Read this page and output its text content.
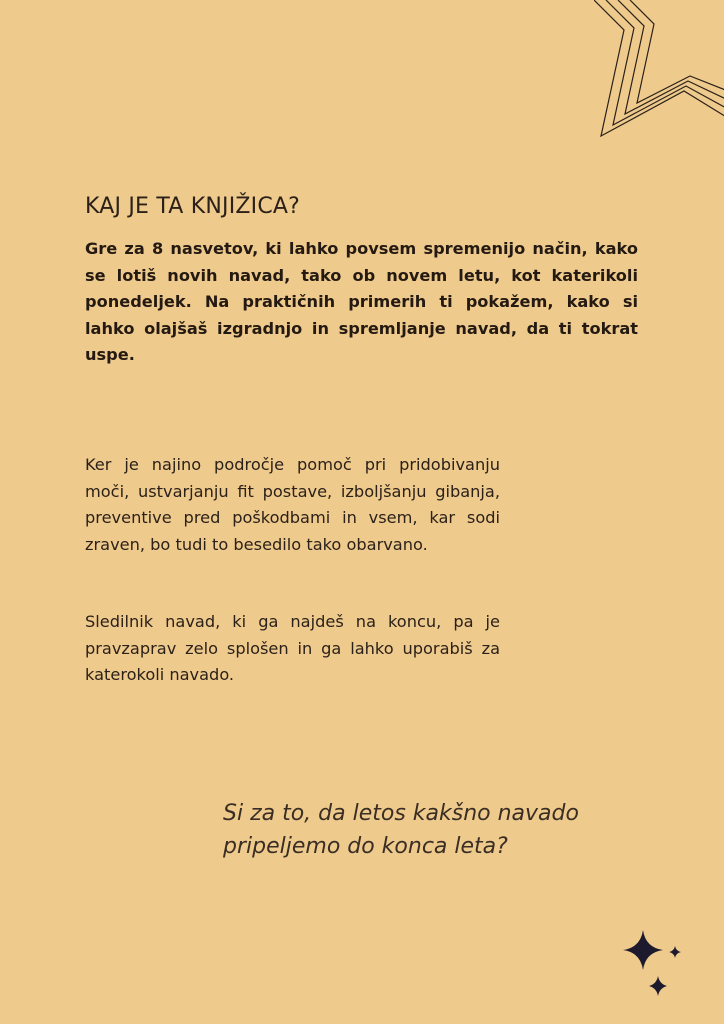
KAJ JE TA KNJIŽICA?

Gre za 8 nasvetov, ki lahko povsem spremenijo način, kako se lotiš novih navad, tako ob novem letu, kot katerikoli ponedeljek. Na praktičnih primerih ti pokažem, kako si lahko olajšaš izgradnjo in spremljanje navad, da ti tokrat uspe.

Ker je najino področje pomoč pri pridobivanju moči, ustvarjanju fit postave, izboljšanju gibanja, preventive pred poškodbami in vsem, kar sodi zraven, bo tudi to besedilo tako obarvano.

Sledilnik navad, ki ga najdeš na koncu, pa je pravzaprav zelo splošen in ga lahko uporabiš za katerokoli navado.

Si za to, da letos kakšno navado pripeljemo do konca leta?
